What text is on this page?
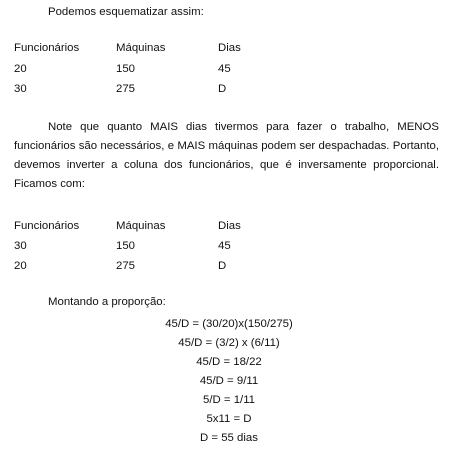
Podemos esquematizar assim:
Funcionários	Máquinas	Dias
20	150	45
30	275	D

Note que quanto MAIS dias tivermos para fazer o trabalho, MENOS funcionários são necessários, e MAIS máquinas podem ser despachadas. Portanto, devemos inverter a coluna dos funcionários, que é inversamente proporcional. Ficamos com:

Funcionários	Máquinas	Dias
30	150	45
20	275	D
Montando a proporção:
45/D = (30/20)x(150/275)
45/D = (3/2) x (6/11)
45/D = 18/22
45/D = 9/11
5/D = 1/11
5x11 = D
D = 55 dias
